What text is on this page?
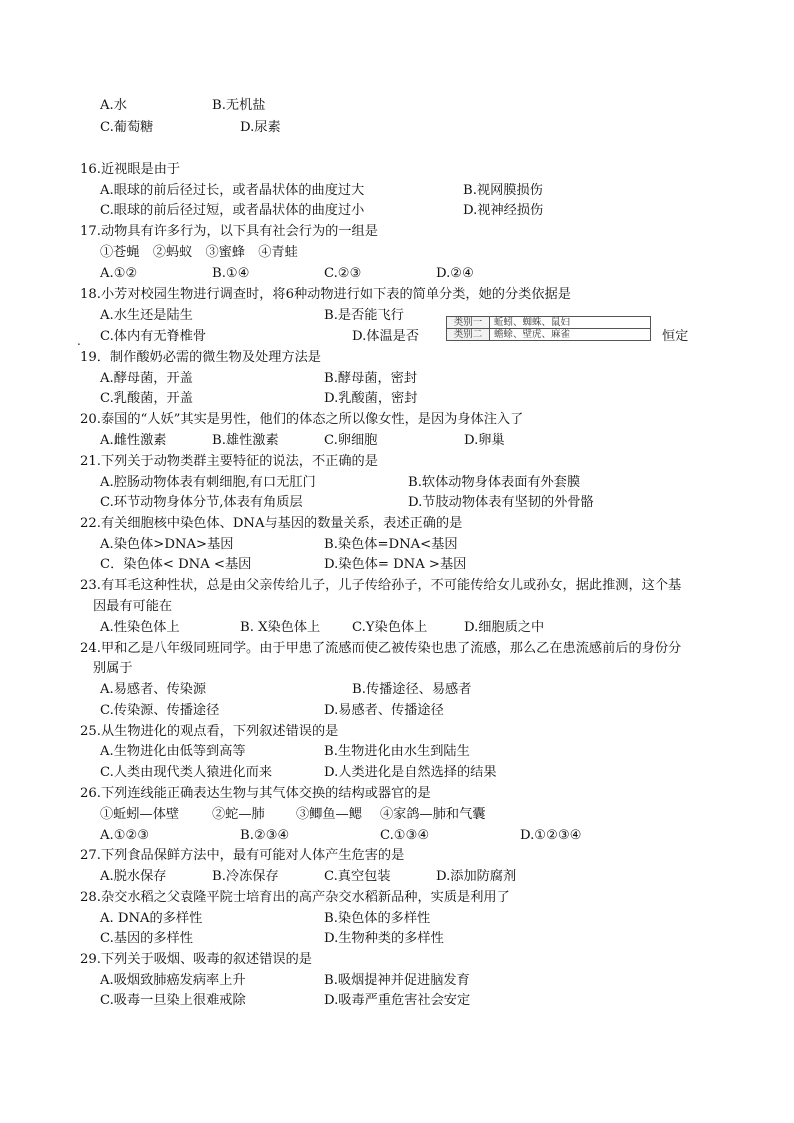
A.水	B.无机盐
C.葡萄糖	D.尿素
16.近视眼是由于
A.眼球的前后径过长，或者晶状体的曲度过大	B.视网膜损伤
C.眼球的前后径过短，或者晶状体的曲度过小	D.视神经损伤
17.动物具有许多行为，以下具有社会行为的一组是
①苍蝇　②蚂蚁　③蜜蜂　④青蛙
A.①②	B.①④	C.②③	D.②④
18.小芳对校园生物进行调查时，将6种动物进行如下表的简单分类，她的分类依据是
A.水生还是陆生	B.是否能飞行
. C.体内有无脊椎骨	D.体温是否
类别一	蚯蚓、蜘蛛、鼠妇
类别二	蟾蜍、壁虎、麻雀	恒定
19．制作酸奶必需的微生物及处理方法是
A.酵母菌，开盖	B.酵母菌，密封
C.乳酸菌，开盖	D.乳酸菌，密封
20.泰国的“人妖”其实是男性，他们的体态之所以像女性，是因为身体注入了
A.雌性激素	B.雄性激素	C.卵细胞	D.卵巢
21.下列关于动物类群主要特征的说法，不正确的是
A.腔肠动物体表有刺细胞,有口无肛门	B.软体动物身体表面有外套膜
C.环节动物身体分节,体表有角质层	D.节肢动物体表有坚韧的外骨骼
22.有关细胞核中染色体、DNA与基因的数量关系，表述正确的是
A.染色体>DNA>基因	B.染色体=DNA<基因
C．染色体< DNA <基因	D.染色体= DNA >基因
23.有耳毛这种性状，总是由父亲传给儿子，儿子传给孙子，不可能传给女儿或孙女，据此推测，这个基
因最有可能在
A.性染色体上	B. X染色体上 C.Y染色体上	D.细胞质之中
24.甲和乙是八年级同班同学。由于甲患了流感而使乙被传染也患了流感，那么乙在患流感前后的身份分
别属于
A.易感者、传染源	B.传播途径、易感者
C.传染源、传播途径	D.易感者、传播途径
25.从生物进化的观点看，下列叙述错误的是
A.生物进化由低等到高等	B.生物进化由水生到陆生
C.人类由现代类人猿进化而来	D.人类进化是自然选择的结果
26.下列连线能正确表达生物与其气体交换的结构或器官的是
①蚯蚓—体壁 ②蛇—肺 ③鲫鱼—鳃 ④家鸽—肺和气囊
A.①②③	B.②③④	C.①③④	D.①②③④
27.下列食品保鲜方法中，最有可能对人体产生危害的是
A.脱水保存	B.冷冻保存	C.真空包装	D.添加防腐剂
28.杂交水稻之父袁隆平院士培育出的高产杂交水稻新品种，实质是利用了
A. DNA的多样性	B.染色体的多样性
C.基因的多样性	D.生物种类的多样性
29.下列关于吸烟、吸毒的叙述错误的是
A.吸烟致肺癌发病率上升	B.吸烟提神并促进脑发育
C.吸毒一旦染上很难戒除	D.吸毒严重危害社会安定
